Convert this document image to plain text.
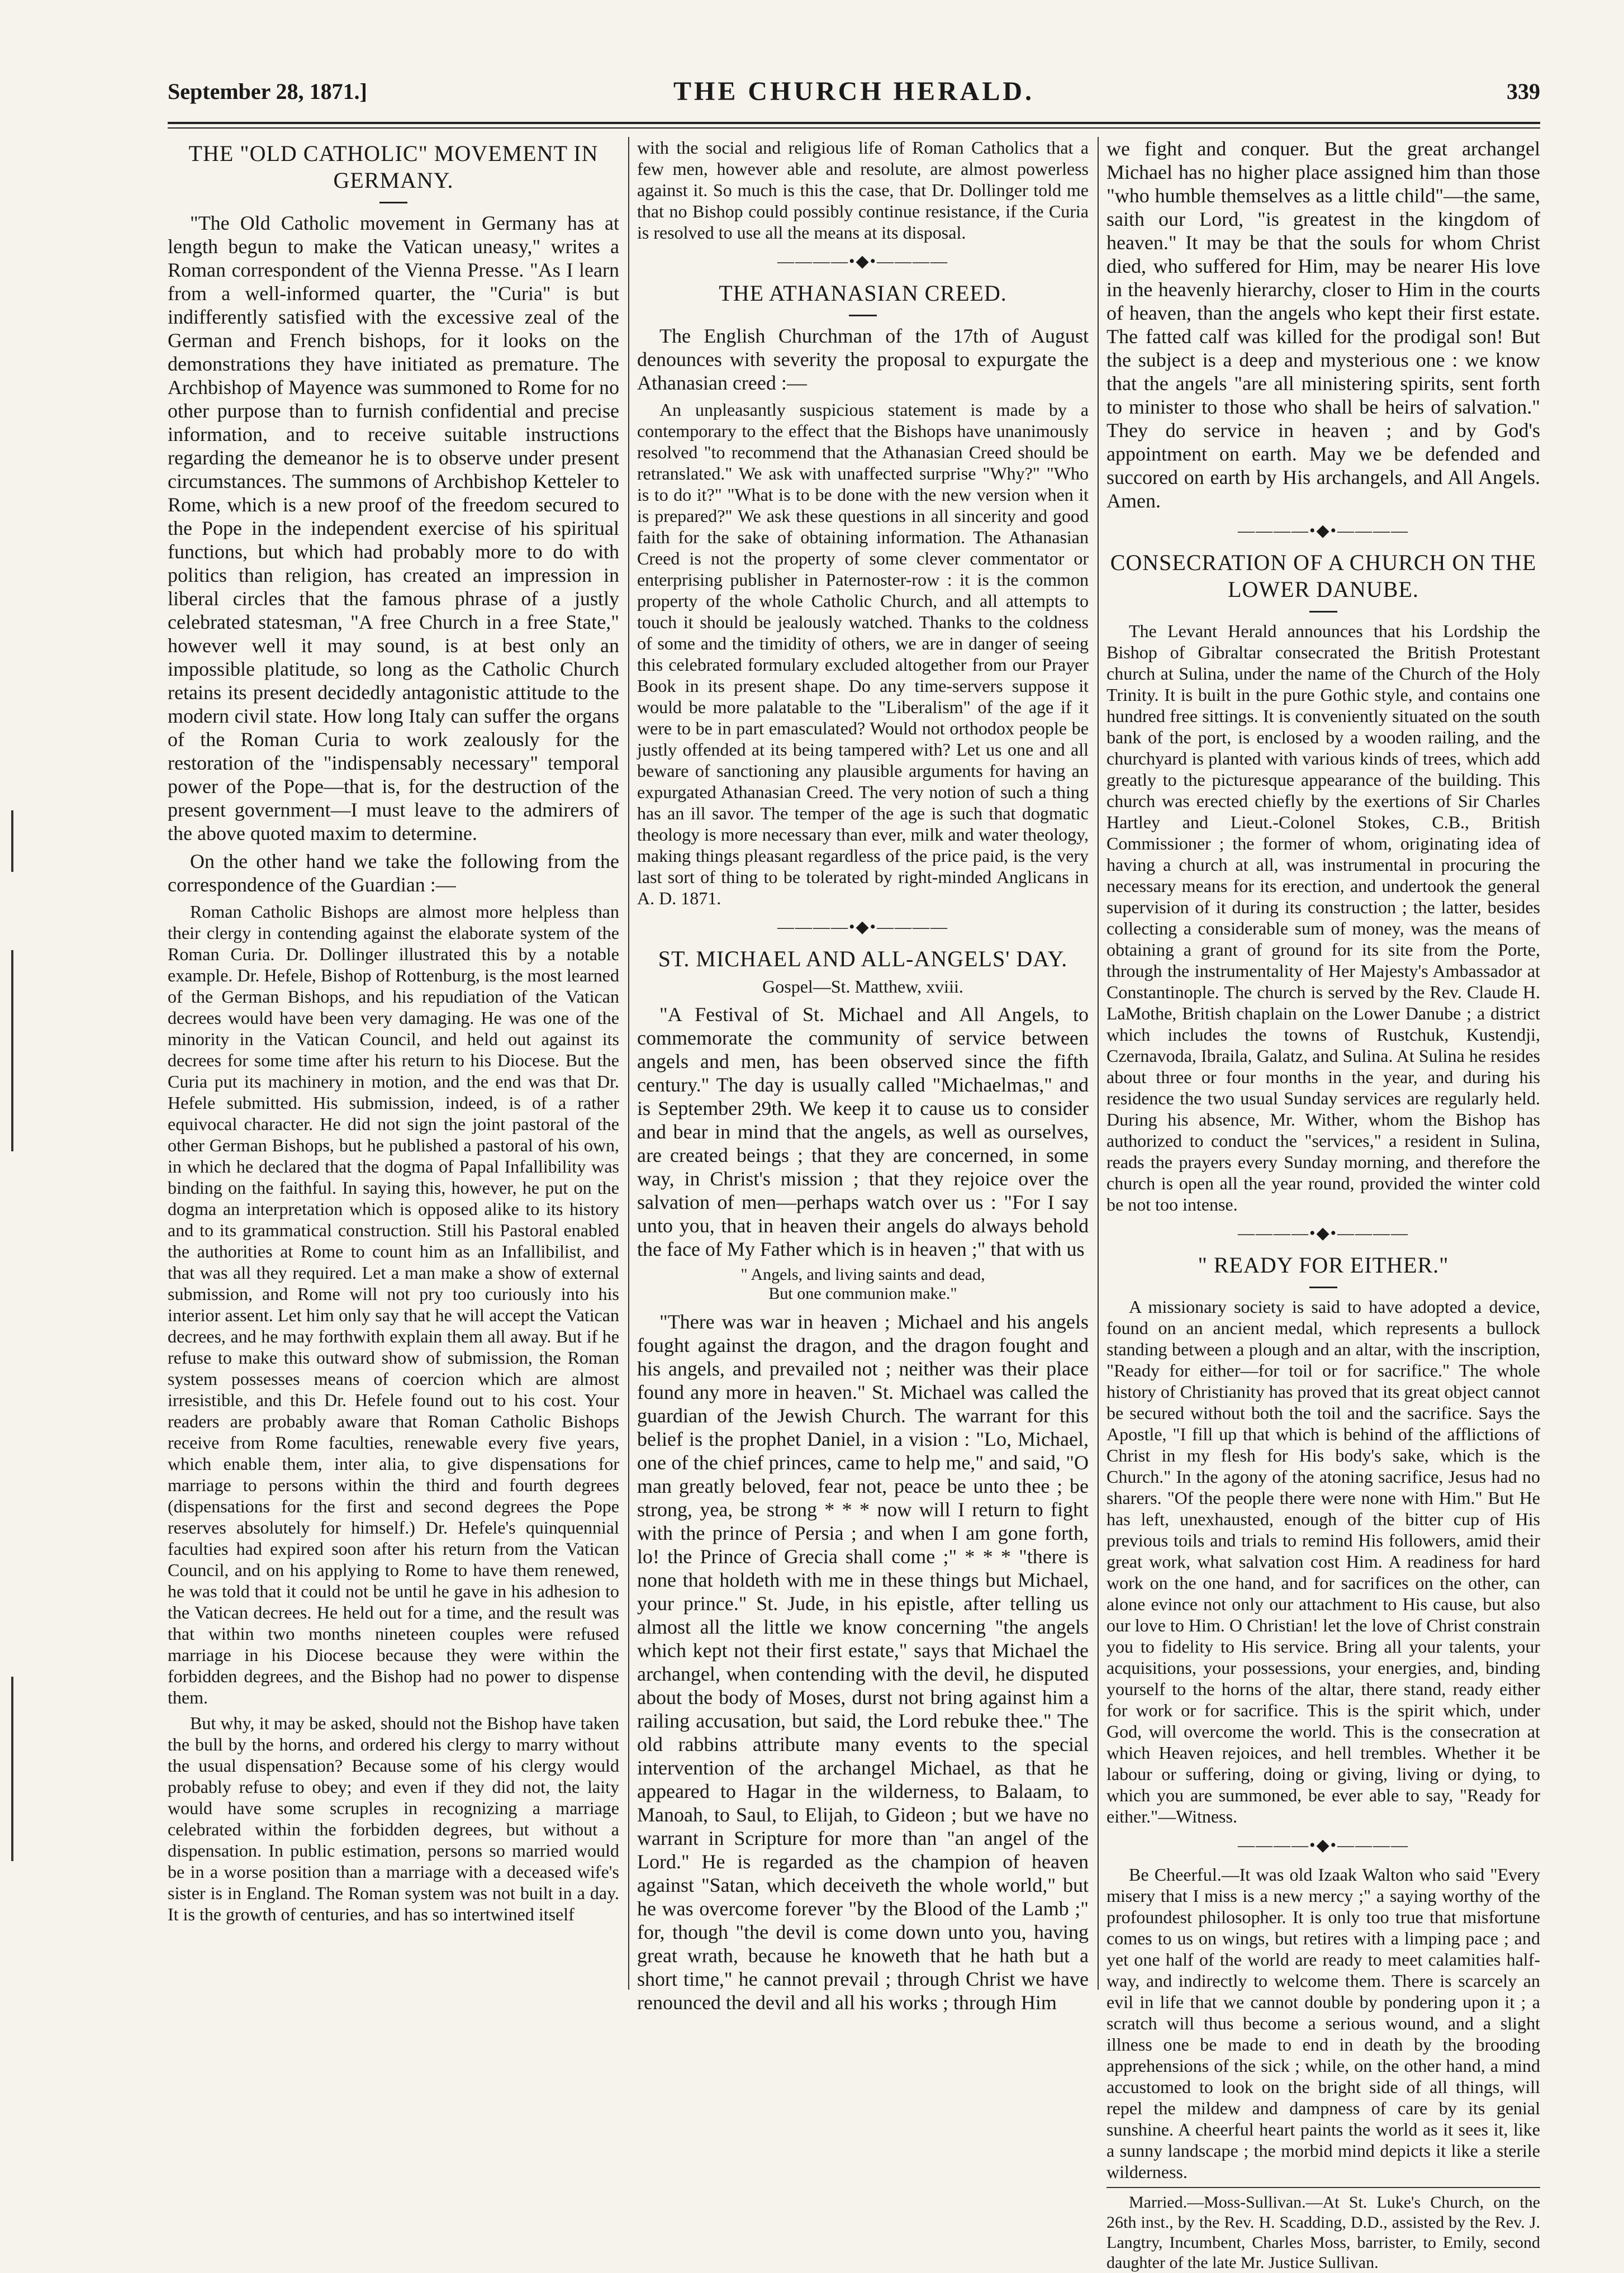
September 28, 1871.]	THE CHURCH HERALD.	339
THE "OLD CATHOLIC" MOVEMENT IN GERMANY.

"The Old Catholic movement in Germany has at length begun to make the Vatican uneasy," writes a Roman correspondent of the Vienna Presse. "As I learn from a well-informed quarter, the "Curia" is but indifferently satisfied with the excessive zeal of the German and French bishops, for it looks on the demonstrations they have initiated as premature. The Archbishop of Mayence was summoned to Rome for no other purpose than to furnish confidential and precise information, and to receive suitable instructions regarding the demeanor he is to observe under present circumstances. The summons of Archbishop Ketteler to Rome, which is a new proof of the freedom secured to the Pope in the independent exercise of his spiritual functions, but which had probably more to do with politics than religion, has created an impression in liberal circles that the famous phrase of a justly celebrated statesman, "A free Church in a free State," however well it may sound, is at best only an impossible platitude, so long as the Catholic Church retains its present decidedly antagonistic attitude to the modern civil state. How long Italy can suffer the organs of the Roman Curia to work zealously for the restoration of the "indispensably necessary" temporal power of the Pope—that is, for the destruction of the present government—I must leave to the admirers of the above quoted maxim to determine.

On the other hand we take the following from the correspondence of the Guardian :—

Roman Catholic Bishops are almost more helpless than their clergy in contending against the elaborate system of the Roman Curia. Dr. Dollinger illustrated this by a notable example. Dr. Hefele, Bishop of Rottenburg, is the most learned of the German Bishops, and his repudiation of the Vatican decrees would have been very damaging. He was one of the minority in the Vatican Council, and held out against its decrees for some time after his return to his Diocese. But the Curia put its machinery in motion, and the end was that Dr. Hefele submitted. His submission, indeed, is of a rather equivocal character. He did not sign the joint pastoral of the other German Bishops, but he published a pastoral of his own, in which he declared that the dogma of Papal Infallibility was binding on the faithful. In saying this, however, he put on the dogma an interpretation which is opposed alike to its history and to its grammatical construction. Still his Pastoral enabled the authorities at Rome to count him as an Infallibilist, and that was all they required. Let a man make a show of external submission, and Rome will not pry too curiously into his interior assent. Let him only say that he will accept the Vatican decrees, and he may forthwith explain them all away. But if he refuse to make this outward show of submission, the Roman system possesses means of coercion which are almost irresistible, and this Dr. Hefele found out to his cost. Your readers are probably aware that Roman Catholic Bishops receive from Rome faculties, renewable every five years, which enable them, inter alia, to give dispensations for marriage to persons within the third and fourth degrees (dispensations for the first and second degrees the Pope reserves absolutely for himself.) Dr. Hefele's quinquennial faculties had expired soon after his return from the Vatican Council, and on his applying to Rome to have them renewed, he was told that it could not be until he gave in his adhesion to the Vatican decrees. He held out for a time, and the result was that within two months nineteen couples were refused marriage in his Diocese because they were within the forbidden degrees, and the Bishop had no power to dispense them.

But why, it may be asked, should not the Bishop have taken the bull by the horns, and ordered his clergy to marry without the usual dispensation? Because some of his clergy would probably refuse to obey; and even if they did not, the laity would have some scruples in recognizing a marriage celebrated within the forbidden degrees, but without a dispensation. In public estimation, persons so married would be in a worse position than a marriage with a deceased wife's sister is in England. The Roman system was not built in a day. It is the growth of centuries, and has so intertwined itself

with the social and religious life of Roman Catholics that a few men, however able and resolute, are almost powerless against it. So much is this the case, that Dr. Dollinger told me that no Bishop could possibly continue resistance, if the Curia is resolved to use all the means at its disposal.

————•◆•————
THE ATHANASIAN CREED.

The English Churchman of the 17th of August denounces with severity the proposal to expurgate the Athanasian creed :—

An unpleasantly suspicious statement is made by a contemporary to the effect that the Bishops have unanimously resolved "to recommend that the Athanasian Creed should be retranslated." We ask with unaffected surprise "Why?" "Who is to do it?" "What is to be done with the new version when it is prepared?" We ask these questions in all sincerity and good faith for the sake of obtaining information. The Athanasian Creed is not the property of some clever commentator or enterprising publisher in Paternoster-row : it is the common property of the whole Catholic Church, and all attempts to touch it should be jealously watched. Thanks to the coldness of some and the timidity of others, we are in danger of seeing this celebrated formulary excluded altogether from our Prayer Book in its present shape. Do any time-servers suppose it would be more palatable to the "Liberalism" of the age if it were to be in part emasculated? Would not orthodox people be justly offended at its being tampered with? Let us one and all beware of sanctioning any plausible arguments for having an expurgated Athanasian Creed. The very notion of such a thing has an ill savor. The temper of the age is such that dogmatic theology is more necessary than ever, milk and water theology, making things pleasant regardless of the price paid, is the very last sort of thing to be tolerated by right-minded Anglicans in A. D. 1871.

————•◆•————
ST. MICHAEL AND ALL-ANGELS' DAY.

Gospel—St. Matthew, xviii.

"A Festival of St. Michael and All Angels, to commemorate the community of service between angels and men, has been observed since the fifth century." The day is usually called "Michaelmas," and is September 29th. We keep it to cause us to consider and bear in mind that the angels, as well as ourselves, are created beings ; that they are concerned, in some way, in Christ's mission ; that they rejoice over the salvation of men—perhaps watch over us : "For I say unto you, that in heaven their angels do always behold the face of My Father which is in heaven ;" that with us

" Angels, and living saints and dead,
But one communion make."

"There was war in heaven ; Michael and his angels fought against the dragon, and the dragon fought and his angels, and prevailed not ; neither was their place found any more in heaven." St. Michael was called the guardian of the Jewish Church. The warrant for this belief is the prophet Daniel, in a vision : "Lo, Michael, one of the chief princes, came to help me," and said, "O man greatly beloved, fear not, peace be unto thee ; be strong, yea, be strong * * * now will I return to fight with the prince of Persia ; and when I am gone forth, lo! the Prince of Grecia shall come ;" * * * "there is none that holdeth with me in these things but Michael, your prince." St. Jude, in his epistle, after telling us almost all the little we know concerning "the angels which kept not their first estate," says that Michael the archangel, when contending with the devil, he disputed about the body of Moses, durst not bring against him a railing accusation, but said, the Lord rebuke thee." The old rabbins attribute many events to the special intervention of the archangel Michael, as that he appeared to Hagar in the wilderness, to Balaam, to Manoah, to Saul, to Elijah, to Gideon ; but we have no warrant in Scripture for more than "an angel of the Lord." He is regarded as the champion of heaven against "Satan, which deceiveth the whole world," but he was overcome forever "by the Blood of the Lamb ;" for, though "the devil is come down unto you, having great wrath, because he knoweth that he hath but a short time," he cannot prevail ; through Christ we have renounced the devil and all his works ; through Him

we fight and conquer. But the great archangel Michael has no higher place assigned him than those "who humble themselves as a little child"—the same, saith our Lord, "is greatest in the kingdom of heaven." It may be that the souls for whom Christ died, who suffered for Him, may be nearer His love in the heavenly hierarchy, closer to Him in the courts of heaven, than the angels who kept their first estate. The fatted calf was killed for the prodigal son! But the subject is a deep and mysterious one : we know that the angels "are all ministering spirits, sent forth to minister to those who shall be heirs of salvation." They do service in heaven ; and by God's appointment on earth. May we be defended and succored on earth by His archangels, and All Angels. Amen.

————•◆•————
CONSECRATION OF A CHURCH ON THE LOWER DANUBE.

The Levant Herald announces that his Lordship the Bishop of Gibraltar consecrated the British Protestant church at Sulina, under the name of the Church of the Holy Trinity. It is built in the pure Gothic style, and contains one hundred free sittings. It is conveniently situated on the south bank of the port, is enclosed by a wooden railing, and the churchyard is planted with various kinds of trees, which add greatly to the picturesque appearance of the building. This church was erected chiefly by the exertions of Sir Charles Hartley and Lieut.-Colonel Stokes, C.B., British Commissioner ; the former of whom, originating idea of having a church at all, was instrumental in procuring the necessary means for its erection, and undertook the general supervision of it during its construction ; the latter, besides collecting a considerable sum of money, was the means of obtaining a grant of ground for its site from the Porte, through the instrumentality of Her Majesty's Ambassador at Constantinople. The church is served by the Rev. Claude H. LaMothe, British chaplain on the Lower Danube ; a district which includes the towns of Rustchuk, Kustendji, Czernavoda, Ibraila, Galatz, and Sulina. At Sulina he resides about three or four months in the year, and during his residence the two usual Sunday services are regularly held. During his absence, Mr. Wither, whom the Bishop has authorized to conduct the "services," a resident in Sulina, reads the prayers every Sunday morning, and therefore the church is open all the year round, provided the winter cold be not too intense.

————•◆•————
" READY FOR EITHER."

A missionary society is said to have adopted a device, found on an ancient medal, which represents a bullock standing between a plough and an altar, with the inscription, "Ready for either—for toil or for sacrifice." The whole history of Christianity has proved that its great object cannot be secured without both the toil and the sacrifice. Says the Apostle, "I fill up that which is behind of the afflictions of Christ in my flesh for His body's sake, which is the Church." In the agony of the atoning sacrifice, Jesus had no sharers. "Of the people there were none with Him." But He has left, unexhausted, enough of the bitter cup of His previous toils and trials to remind His followers, amid their great work, what salvation cost Him. A readiness for hard work on the one hand, and for sacrifices on the other, can alone evince not only our attachment to His cause, but also our love to Him. O Christian! let the love of Christ constrain you to fidelity to His service. Bring all your talents, your acquisitions, your possessions, your energies, and, binding yourself to the horns of the altar, there stand, ready either for work or for sacrifice. This is the spirit which, under God, will overcome the world. This is the consecration at which Heaven rejoices, and hell trembles. Whether it be labour or suffering, doing or giving, living or dying, to which you are summoned, be ever able to say, "Ready for either."—Witness.

————•◆•————

Be Cheerful.—It was old Izaak Walton who said "Every misery that I miss is a new mercy ;" a saying worthy of the profoundest philosopher. It is only too true that misfortune comes to us on wings, but retires with a limping pace ; and yet one half of the world are ready to meet calamities half-way, and indirectly to welcome them. There is scarcely an evil in life that we cannot double by pondering upon it ; a scratch will thus become a serious wound, and a slight illness one be made to end in death by the brooding apprehensions of the sick ; while, on the other hand, a mind accustomed to look on the bright side of all things, will repel the mildew and dampness of care by its genial sunshine. A cheerful heart paints the world as it sees it, like a sunny landscape ; the morbid mind depicts it like a sterile wilderness.

Married.—Moss-Sullivan.—At St. Luke's Church, on the 26th inst., by the Rev. H. Scadding, D.D., assisted by the Rev. J. Langtry, Incumbent, Charles Moss, barrister, to Emily, second daughter of the late Mr. Justice Sullivan.
